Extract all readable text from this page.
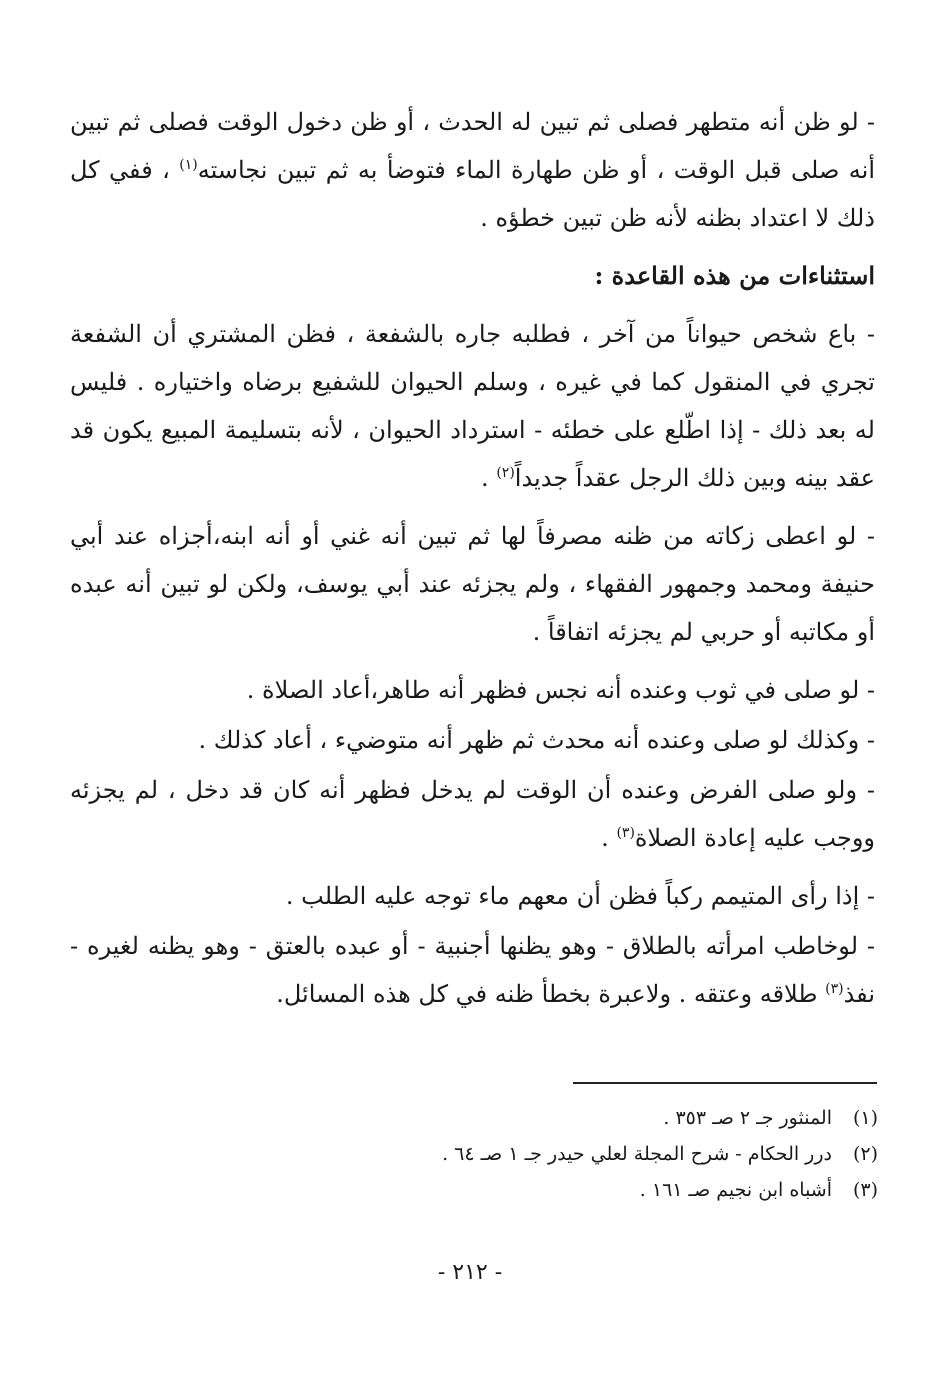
- لو ظن أنه متطهر فصلى ثم تبين له الحدث ، أو ظن دخول الوقت فصلى ثم تبين أنه صلى قبل الوقت ، أو ظن طهارة الماء فتوضأ به ثم تبين نجاسته$^{(١)}$ ، ففي كل ذلك لا اعتداد بظنه لأنه ظن تبين خطؤه .

استثناءات من هذه القاعدة :

- باع شخص حيواناً من آخر ، فطلبه جاره بالشفعة ، فظن المشتري أن الشفعة تجري في المنقول كما في غيره ، وسلم الحيوان للشفيع برضاه واختياره . فليس له بعد ذلك - إذا اطّلع على خطئه - استرداد الحيوان ، لأنه بتسليمة المبيع يكون قد عقد بينه وبين ذلك الرجل عقداً جديداً$^{(٢)}$ .

- لو اعطى زكاته من ظنه مصرفاً لها ثم تبين أنه غني أو أنه ابنه،أجزاه عند أبي حنيفة ومحمد وجمهور الفقهاء ، ولم يجزئه عند أبي يوسف، ولكن لو تبين أنه عبده أو مكاتبه أو حربي لم يجزئه اتفاقاً .

- لو صلى في ثوب وعنده أنه نجس فظهر أنه طاهر،أعاد الصلاة .

- وكذلك لو صلى وعنده أنه محدث ثم ظهر أنه متوضيء ، أعاد كذلك .

- ولو صلى الفرض وعنده أن الوقت لم يدخل فظهر أنه كان قد دخل ، لم يجزئه ووجب عليه إعادة الصلاة$^{(٣)}$ .

- إذا رأى المتيمم ركباً فظن أن معهم ماء توجه عليه الطلب .

- لوخاطب امرأته بالطلاق - وهو يظنها أجنبية - أو عبده بالعتق - وهو يظنه لغيره - نفذ$^{(٣)}$ طلاقه وعتقه . ولاعبرة بخطأ ظنه في كل هذه المسائل.

(١)
المنثور جـ ٢ صـ ٣٥٣ .
(٢)
درر الحكام - شرح المجلة لعلي حيدر جـ ١ صـ ٦٤ .
(٣)
أشباه ابن نجيم صـ ١٦١ .
- ٢١٢ -
